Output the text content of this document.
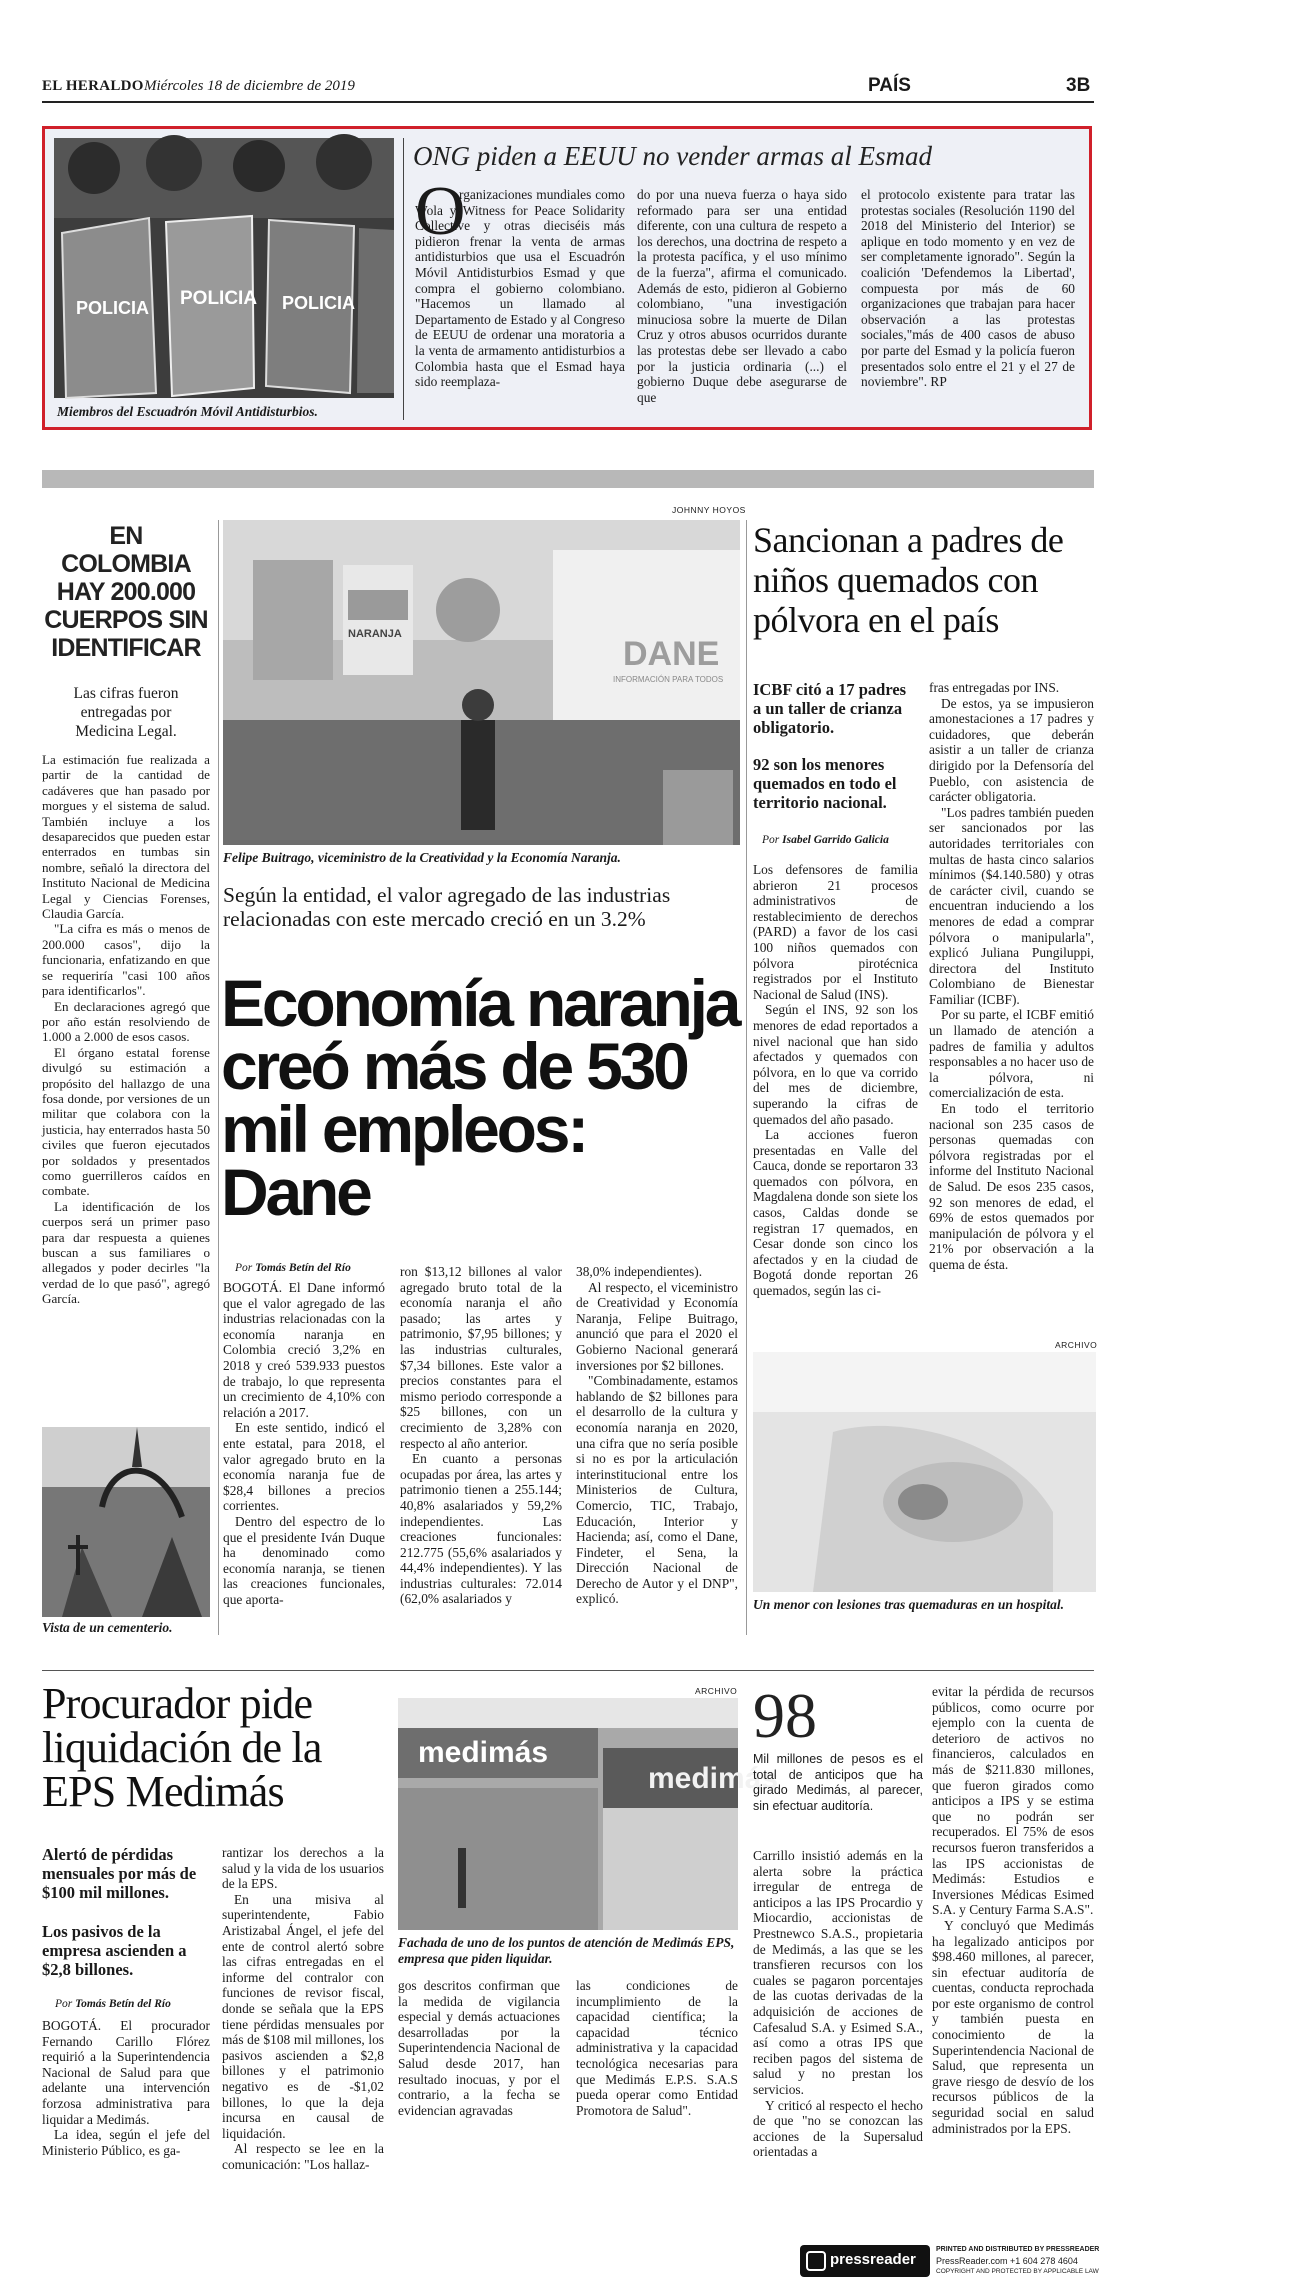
EL HERALDO Miércoles 18 de diciembre de 2019	PAÍS	3B
POLICIA POLICIA POLICIA
Miembros del Escuadrón Móvil Antidisturbios.
ONG piden a EEUU no vender armas al Esmad
O
rganizaciones mundiales como Wola y Witness for Peace Solidarity Collective y otras dieciséis más pidieron frenar la venta de armas antidisturbios que usa el Escuadrón Móvil Antidisturbios Esmad y que compra el gobierno colombiano. "Hacemos un llamado al Departamento de Estado y al Congreso de EEUU de ordenar una moratoria a la venta de armamento antidisturbios a Colombia hasta que el Esmad haya sido reemplaza-
do por una nueva fuerza o haya sido reformado para ser una entidad diferente, con una cultura de respeto a los derechos, una doctrina de respeto a la protesta pacífica, y el uso mínimo de la fuerza", afirma el comunicado. Además de esto, pidieron al Gobierno colombiano, "una investigación minuciosa sobre la muerte de Dilan Cruz y otros abusos ocurridos durante las protestas debe ser llevado a cabo por la justicia ordinaria (...) el gobierno Duque debe asegurarse de que
el protocolo existente para tratar las protestas sociales (Resolución 1190 del 2018 del Ministerio del Interior) se aplique en todo momento y en vez de ser completamente ignorado". Según la coalición 'Defendemos la Libertad', compuesta por más de 60 organizaciones que trabajan para hacer observación a las protestas sociales,"más de 400 casos de abuso por parte del Esmad y la policía fueron presentados solo entre el 21 y el 27 de noviembre". RP
EN COLOMBIA HAY 200.000 CUERPOS SIN IDENTIFICAR
Las cifras fueron entregadas por Medicina Legal.

La estimación fue realizada a partir de la cantidad de cadáveres que han pasado por morgues y el sistema de salud. También incluye a los desaparecidos que pueden estar enterrados en tumbas sin nombre, señaló la directora del Instituto Nacional de Medicina Legal y Ciencias Forenses, Claudia García.

"La cifra es más o menos de 200.000 casos", dijo la funcionaria, enfatizando en que se requeriría "casi 100 años para identificarlos".

En declaraciones agregó que por año están resolviendo de 1.000 a 2.000 de esos casos.

El órgano estatal forense divulgó su estimación a propósito del hallazgo de una fosa donde, por versiones de un militar que colabora con la justicia, hay enterrados hasta 50 civiles que fueron ejecutados por soldados y presentados como guerrilleros caídos en combate.

La identificación de los cuerpos será un primer paso para dar respuesta a quienes buscan a sus familiares o allegados y poder decirles "la verdad de lo que pasó", agregó García.

Vista de un cementerio.
JOHNNY HOYOS
NARANJA
DANE
INFORMACIÓN PARA TODOS
Felipe Buitrago, viceministro de la Creatividad y la Economía Naranja.
Según la entidad, el valor agregado de las industrias relacionadas con este mercado creció en un 3.2%
Economía naranja
creó más de 530
mil empleos: Dane
Por Tomás Betín del Río

BOGOTÁ. El Dane informó que el valor agregado de las industrias relacionadas con la economía naranja en Colombia creció 3,2% en 2018 y creó 539.933 puestos de trabajo, lo que representa un crecimiento de 4,10% con relación a 2017.

En este sentido, indicó el ente estatal, para 2018, el valor agregado bruto en la economía naranja fue de $28,4 billones a precios corrientes.

Dentro del espectro de lo que el presidente Iván Duque ha denominado como economía naranja, se tienen las creaciones funcionales, que aporta-

ron $13,12 billones al valor agregado bruto total de la economía naranja el año pasado; las artes y patrimonio, $7,95 billones; y las industrias culturales, $7,34 billones. Este valor a precios constantes para el mismo periodo corresponde a $25 billones, con un crecimiento de 3,28% con respecto al año anterior.

En cuanto a personas ocupadas por área, las artes y patrimonio tienen a 255.144; 40,8% asalariados y 59,2% independientes. Las creaciones funcionales: 212.775 (55,6% asalariados y 44,4% independientes). Y las industrias culturales: 72.014 (62,0% asalariados y

38,0% independientes).

Al respecto, el viceministro de Creatividad y Economía Naranja, Felipe Buitrago, anunció que para el 2020 el Gobierno Nacional generará inversiones por $2 billones.

"Combinadamente, estamos hablando de $2 billones para el desarrollo de la cultura y economía naranja en 2020, una cifra que no sería posible si no es por la articulación interinstitucional entre los Ministerios de Cultura, Comercio, TIC, Trabajo, Educación, Interior y Hacienda; así, como el Dane, Findeter, el Sena, la Dirección Nacional de Derecho de Autor y el DNP", explicó.

Sancionan a padres de niños quemados con pólvora en el país
ICBF citó a 17 padres a un taller de crianza obligatorio.
92 son los menores quemados en todo el territorio nacional.
Por Isabel Garrido Galicia

Los defensores de familia abrieron 21 procesos administrativos de restablecimiento de derechos (PARD) a favor de los casi 100 niños quemados con pólvora pirotécnica registrados por el Instituto Nacional de Salud (INS).

Según el INS, 92 son los menores de edad reportados a nivel nacional que han sido afectados y quemados con pólvora, en lo que va corrido del mes de diciembre, superando la cifras de quemados del año pasado.

La acciones fueron presentadas en Valle del Cauca, donde se reportaron 33 quemados con pólvora, en Magdalena donde son siete los casos, Caldas donde se registran 17 quemados, en Cesar donde son cinco los afectados y en la ciudad de Bogotá donde reportan 26 quemados, según las ci-

fras entregadas por INS.

De estos, ya se impusieron amonestaciones a 17 padres y cuidadores, que deberán asistir a un taller de crianza dirigido por la Defensoría del Pueblo, con asistencia de carácter obligatoria.

"Los padres también pueden ser sancionados por las autoridades territoriales con multas de hasta cinco salarios mínimos ($4.140.580) y otras de carácter civil, cuando se encuentran induciendo a los menores de edad a comprar pólvora o manipularla", explicó Juliana Pungiluppi, directora del Instituto Colombiano de Bienestar Familiar (ICBF).

Por su parte, el ICBF emitió un llamado de atención a padres de familia y adultos responsables a no hacer uso de la pólvora, ni comercialización de esta.

En todo el territorio nacional son 235 casos de personas quemadas con pólvora registradas por el informe del Instituto Nacional de Salud. De esos 235 casos, 92 son menores de edad, el 69% de estos quemados por manipulación de pólvora y el 21% por observación a la quema de ésta.

ARCHIVO
Un menor con lesiones tras quemaduras en un hospital.
Procurador pide liquidación de la EPS Medimás
Alertó de pérdidas mensuales por más de $100 mil millones.
Los pasivos de la empresa ascienden a $2,8 billones.
Por Tomás Betín del Río

BOGOTÁ. El procurador Fernando Carillo Flórez requirió a la Superintendencia Nacional de Salud para que adelante una intervención forzosa administrativa para liquidar a Medimás.

La idea, según el jefe del Ministerio Público, es ga-

rantizar los derechos a la salud y la vida de los usuarios de la EPS.

En una misiva al superintendente, Fabio Aristizabal Ángel, el jefe del ente de control alertó sobre las cifras entregadas en el informe del contralor con funciones de revisor fiscal, donde se señala que la EPS tiene pérdidas mensuales por más de $108 mil millones, los pasivos ascienden a $2,8 billones y el patrimonio negativo es de -$1,02 billones, lo que la deja incursa en causal de liquidación.

Al respecto se lee en la comunicación: "Los hallaz-

ARCHIVO
medimás
medimás
Fachada de uno de los puntos de atención de Medimás EPS, empresa que piden liquidar.

gos descritos confirman que la medida de vigilancia especial y demás actuaciones desarrolladas por la Superintendencia Nacional de Salud desde 2017, han resultado inocuas, y por el contrario, a la fecha se evidencian agravadas

las condiciones de incumplimiento de la capacidad científica; la capacidad técnico administrativa y la capacidad tecnológica necesarias para que Medimás E.P.S. S.A.S pueda operar como Entidad Promotora de Salud".

98
Mil millones de pesos es el total de anticipos que ha girado Medimás, al parecer, sin efectuar auditoría.

Carrillo insistió además en la alerta sobre la práctica irregular de entrega de anticipos a las IPS Procardio y Miocardio, accionistas de Prestnewco S.A.S., propietaria de Medimás, a las que se les transfieren recursos con los cuales se pagaron porcentajes de las cuotas derivadas de la adquisición de acciones de Cafesalud S.A. y Esimed S.A., así como a otras IPS que reciben pagos del sistema de salud y no prestan los servicios.

Y criticó al respecto el hecho de que "no se conozcan las acciones de la Supersalud orientadas a

evitar la pérdida de recursos públicos, como ocurre por ejemplo con la cuenta de deterioro de activos no financieros, calculados en más de $211.830 millones, que fueron girados como anticipos a IPS y se estima que no podrán ser recuperados. El 75% de esos recursos fueron transferidos a las IPS accionistas de Medimás: Estudios e Inversiones Médicas Esimed S.A. y Century Farma S.A.S".

Y concluyó que Medimás ha legalizado anticipos por $98.460 millones, al parecer, sin efectuar auditoría de cuentas, conducta reprochada por este organismo de control y también puesta en conocimiento de la Superintendencia Nacional de Salud, que representa un grave riesgo de desvío de los recursos públicos de la seguridad social en salud administrados por la EPS.

pressreader
PRINTED AND DISTRIBUTED BY PRESSREADER
PressReader.com +1 604 278 4604
COPYRIGHT AND PROTECTED BY APPLICABLE LAW
